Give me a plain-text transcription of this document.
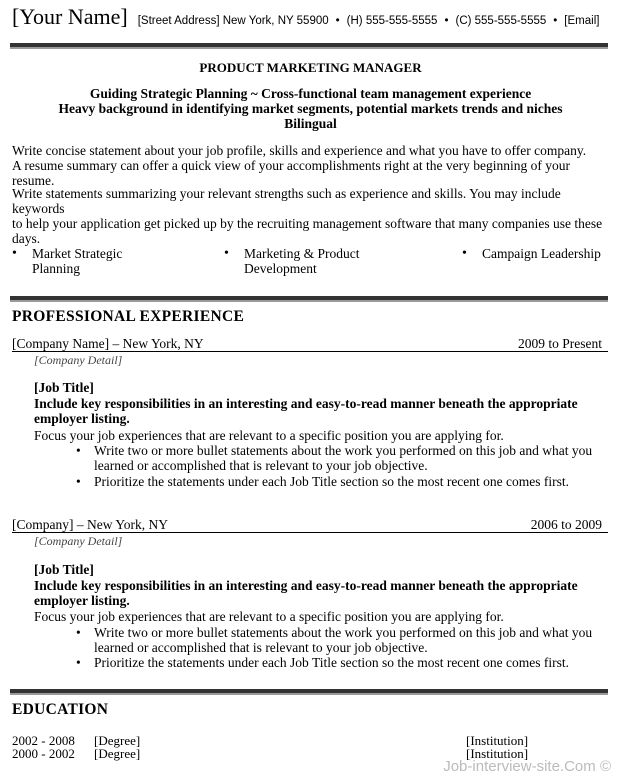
[Your Name] [Street Address] New York, NY 55900 • (H) 555-555-5555 • (C) 555-555-5555 • [Email]
PRODUCT MARKETING MANAGER
Guiding Strategic Planning ~ Cross-functional team management experience
Heavy background in identifying market segments, potential markets trends and niches
Bilingual
Write concise statement about your job profile, skills and experience and what you have to offer company.
A resume summary can offer a quick view of your accomplishments right at the very beginning of your resume.
Write statements summarizing your relevant strengths such as experience and skills. You may include keywords
to help your application get picked up by the recruiting management software that many companies use these
days.
• Market Strategic Planning
• Marketing & Product
Development
• Campaign Leadership
PROFESSIONAL EXPERIENCE
[Company Name] – New York, NY	2009 to Present
[Company Detail]
[Job Title]
Include key responsibilities in an interesting and easy-to-read manner beneath the appropriate
employer listing.
Focus your job experiences that are relevant to a specific position you are applying for.
• Write two or more bullet statements about the work you performed on this job and what you
learned or accomplished that is relevant to your job objective.
• Prioritize the statements under each Job Title section so the most recent one comes first.
[Company] – New York, NY	2006 to 2009
[Company Detail]
[Job Title]
Include key responsibilities in an interesting and easy-to-read manner beneath the appropriate
employer listing.
Focus your job experiences that are relevant to a specific position you are applying for.
• Write two or more bullet statements about the work you performed on this job and what you
learned or accomplished that is relevant to your job objective.
• Prioritize the statements under each Job Title section so the most recent one comes first.
EDUCATION
2002 - 2008 [Degree]	[Institution]
2000 - 2002 [Degree]	[Institution]
Job-interview-site.Com ©
